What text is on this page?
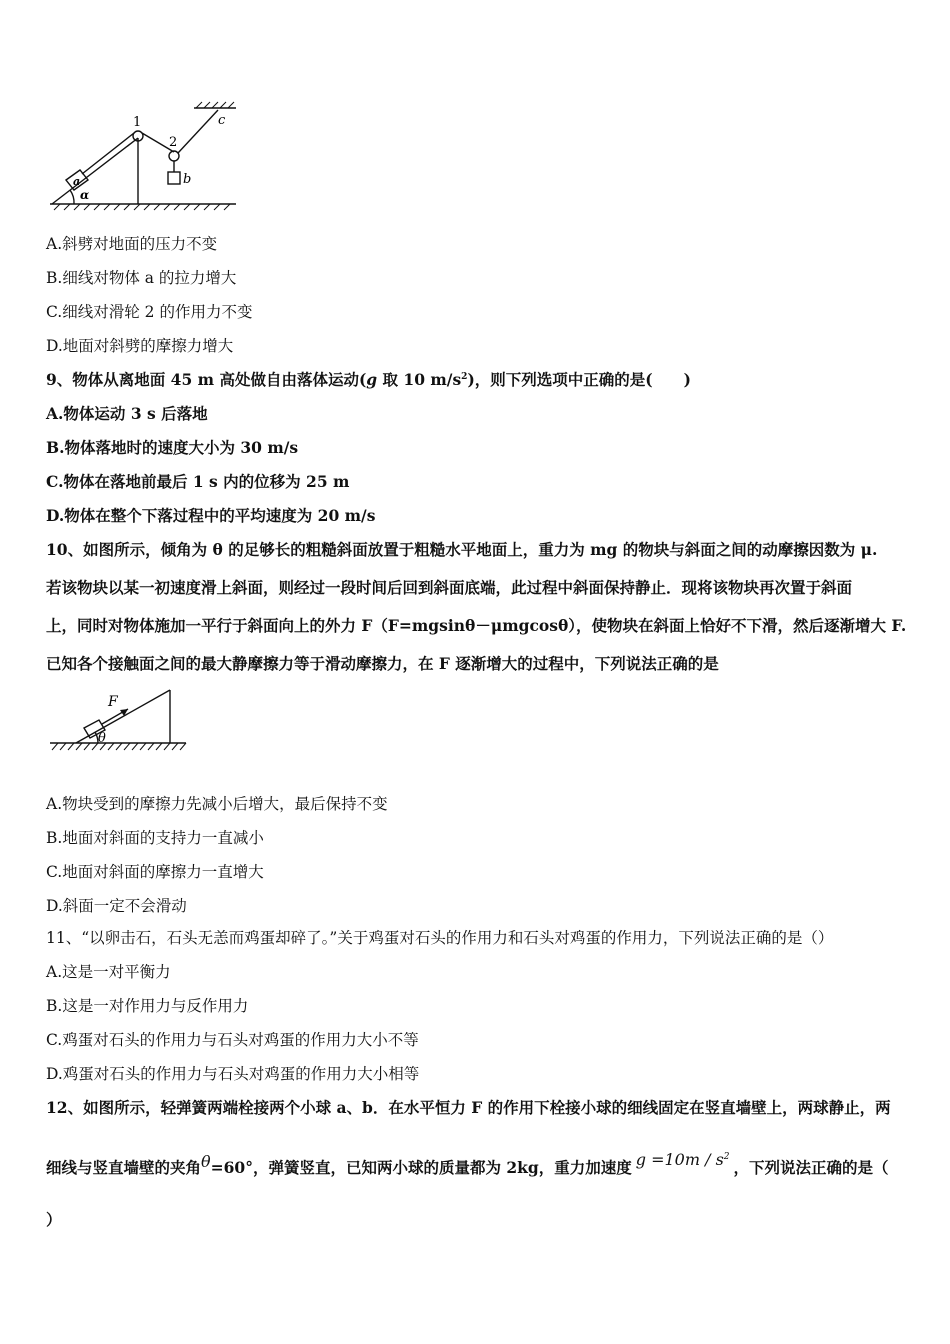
1
2
a	b
c
α
A.斜劈对地面的压力不变
B.细线对物体 a 的拉力增大
C.细线对滑轮 2 的作用力不变
D.地面对斜劈的摩擦力增大
9、物体从离地面 45 m 高处做自由落体运动(g 取 10 $m/s^2$)，则下列选项中正确的是(　　)
A.物体运动 3 s 后落地
B.物体落地时的速度大小为 30 m/s
C.物体在落地前最后 1 s 内的位移为 25 m
D.物体在整个下落过程中的平均速度为 20 m/s
10、如图所示，倾角为 θ 的足够长的粗糙斜面放置于粗糙水平地面上，重力为 mg 的物块与斜面之间的动摩擦因数为 μ.
若该物块以某一初速度滑上斜面，则经过一段时间后回到斜面底端，此过程中斜面保持静止．现将该物块再次置于斜面
上，同时对物体施加一平行于斜面向上的外力 F（F=mgsinθ－μmgcosθ），使物块在斜面上恰好不下滑，然后逐渐增大 F.
已知各个接触面之间的最大静摩擦力等于滑动摩擦力，在 F 逐渐增大的过程中，下列说法正确的是
F
θ
A.物块受到的摩擦力先减小后增大，最后保持不变
B.地面对斜面的支持力一直减小
C.地面对斜面的摩擦力一直增大
D.斜面一定不会滑动
11、“以卵击石，石头无恙而鸡蛋却碎了。”关于鸡蛋对石头的作用力和石头对鸡蛋的作用力，下列说法正确的是（）
A.这是一对平衡力
B.这是一对作用力与反作用力
C.鸡蛋对石头的作用力与石头对鸡蛋的作用力大小不等
D.鸡蛋对石头的作用力与石头对鸡蛋的作用力大小相等
12、如图所示，轻弹簧两端栓接两个小球 a、b．在水平恒力 F 的作用下栓接小球的细线固定在竖直墙壁上，两球静止，两
细线与竖直墙壁的夹角θ=60°，弹簧竖直，已知两小球的质量都为 2kg，重力加速度 $g =10m / s^2$，下列说法正确的是（
）
